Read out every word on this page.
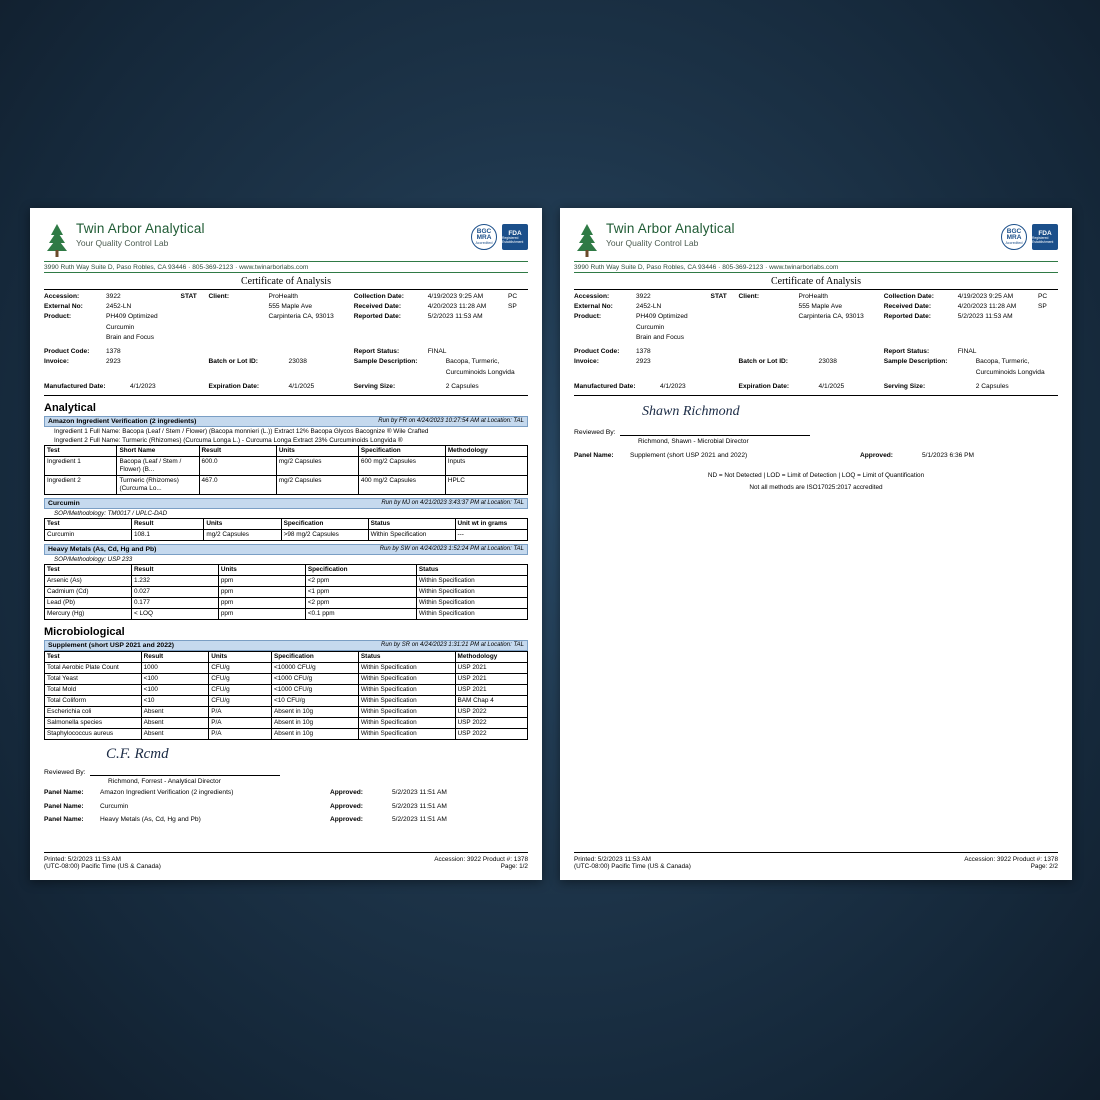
Twin Arbor Analytical
Your Quality Control Lab
BGC
MRA
Accredited
FDA
Registered Establishment
3990 Ruth Way Suite D, Paso Robles, CA 93446 · 805-369-2123 · www.twinarborlabs.com
Certificate of Analysis
Accession:	3922	STAT	Client:	ProHealth	Collection Date:	4/19/2023 9:25 AM	PC
External No:	2452-LN	555 Maple Ave	Received Date:	4/20/2023 11:28 AM	SP
Product:	PH409 Optimized Curcumin
Carpinteria CA, 93013	Reported Date:	5/2/2023 11:53 AM
Brain and Focus
Product Code:	1378	Report Status:	FINAL
Invoice:	2923	Batch or Lot ID:	23038	Sample Description:	Bacopa, Turmeric,
Curcuminoids Longvida
Manufactured Date:	4/1/2023	Expiration Date:	4/1/2025	Serving Size:	2 Capsules
Analytical
Amazon Ingredient Verification (2 ingredients)	Run by FR on 4/24/2023 10:27:54 AM at Location: TAL
Ingredient 1 Full Name: Bacopa (Leaf / Stem / Flower) (Bacopa monnieri (L.)) Extract 12% Bacopa Glycos Bacognize ® Wile Crafted
Ingredient 2 Full Name: Turmeric (Rhizomes) (Curcuma Longa L.) - Curcuma Longa Extract 23% Curcuminoids Longvida ®
Test	Short Name	Result	Units	Specification	Methodology
Ingredient 1	Bacopa (Leaf / Stem / Flower) (B...	600.0	mg/2 Capsules	600 mg/2 Capsules	Inputs
Ingredient 2	Turmeric (Rhizomes) (Curcuma Lo...	467.0	mg/2 Capsules	400 mg/2 Capsules	HPLC
Curcumin	Run by MJ on 4/21/2023 3:43:37 PM at Location: TAL
SOP/Methodology: TM0017 / UPLC-DAD
Test	Result	Units	Specification	Status	Unit wt in grams
Curcumin	108.1	mg/2 Capsules	>98 mg/2 Capsules	Within Specification	---
Heavy Metals (As, Cd, Hg and Pb)	Run by SW on 4/24/2023 1:52:24 PM at Location: TAL
SOP/Methodology: USP 233
Test	Result	Units	Specification	Status
Arsenic (As)	1.232	ppm	<2 ppm	Within Specification
Cadmium (Cd)	0.027	ppm	<1 ppm	Within Specification
Lead (Pb)	0.177	ppm	<2 ppm	Within Specification
Mercury (Hg)	< LOQ	ppm	<0.1 ppm	Within Specification
Microbiological
Supplement (short USP 2021 and 2022)	Run by SR on 4/24/2023 1:31:21 PM at Location: TAL
Test	Result	Units	Specification	Status	Methodology
Total Aerobic Plate Count	1000	CFU/g	<10000 CFU/g	Within Specification	USP 2021
Total Yeast	<100	CFU/g	<1000 CFU/g	Within Specification	USP 2021
Total Mold	<100	CFU/g	<1000 CFU/g	Within Specification	USP 2021
Total Coliform	<10	CFU/g	<10 CFU/g	Within Specification	BAM Chap 4
Escherichia coli	Absent	P/A	Absent in 10g	Within Specification	USP 2022
Salmonella species	Absent	P/A	Absent in 10g	Within Specification	USP 2022
Staphylococcus aureus	Absent	P/A	Absent in 10g	Within Specification	USP 2022
C.F. Rcmd
Reviewed By:
Richmond, Forrest - Analytical Director
Panel Name:	Amazon Ingredient Verification (2 ingredients)	Approved:	5/2/2023 11:51 AM
Panel Name:	Curcumin	Approved:	5/2/2023 11:51 AM
Panel Name:	Heavy Metals (As, Cd, Hg and Pb)	Approved:	5/2/2023 11:51 AM
Printed: 5/2/2023 11:53 AM
(UTC-08:00) Pacific Time (US & Canada)
Accession: 3922 Product #: 1378
Page: 1/2
Twin Arbor Analytical
Your Quality Control Lab
BGC
MRA
Accredited
FDA
Registered Establishment
3990 Ruth Way Suite D, Paso Robles, CA 93446 · 805-369-2123 · www.twinarborlabs.com
Certificate of Analysis
Accession:	3922	STAT	Client:	ProHealth	Collection Date:	4/19/2023 9:25 AM	PC
External No:	2452-LN	555 Maple Ave	Received Date:	4/20/2023 11:28 AM	SP
Product:	PH409 Optimized Curcumin
Carpinteria CA, 93013	Reported Date:	5/2/2023 11:53 AM
Brain and Focus
Product Code:	1378	Report Status:	FINAL
Invoice:	2923	Batch or Lot ID:	23038	Sample Description:	Bacopa, Turmeric,
Curcuminoids Longvida
Manufactured Date:	4/1/2023	Expiration Date:	4/1/2025	Serving Size:	2 Capsules
Shawn Richmond
Reviewed By:
Richmond, Shawn - Microbial Director
Panel Name:	Supplement (short USP 2021 and 2022)	Approved:	5/1/2023 6:36 PM
ND = Not Detected | LOD = Limit of Detection | LOQ = Limit of Quantification
Not all methods are ISO17025:2017 accredited
Printed: 5/2/2023 11:53 AM
(UTC-08:00) Pacific Time (US & Canada)
Accession: 3922 Product #: 1378
Page: 2/2
